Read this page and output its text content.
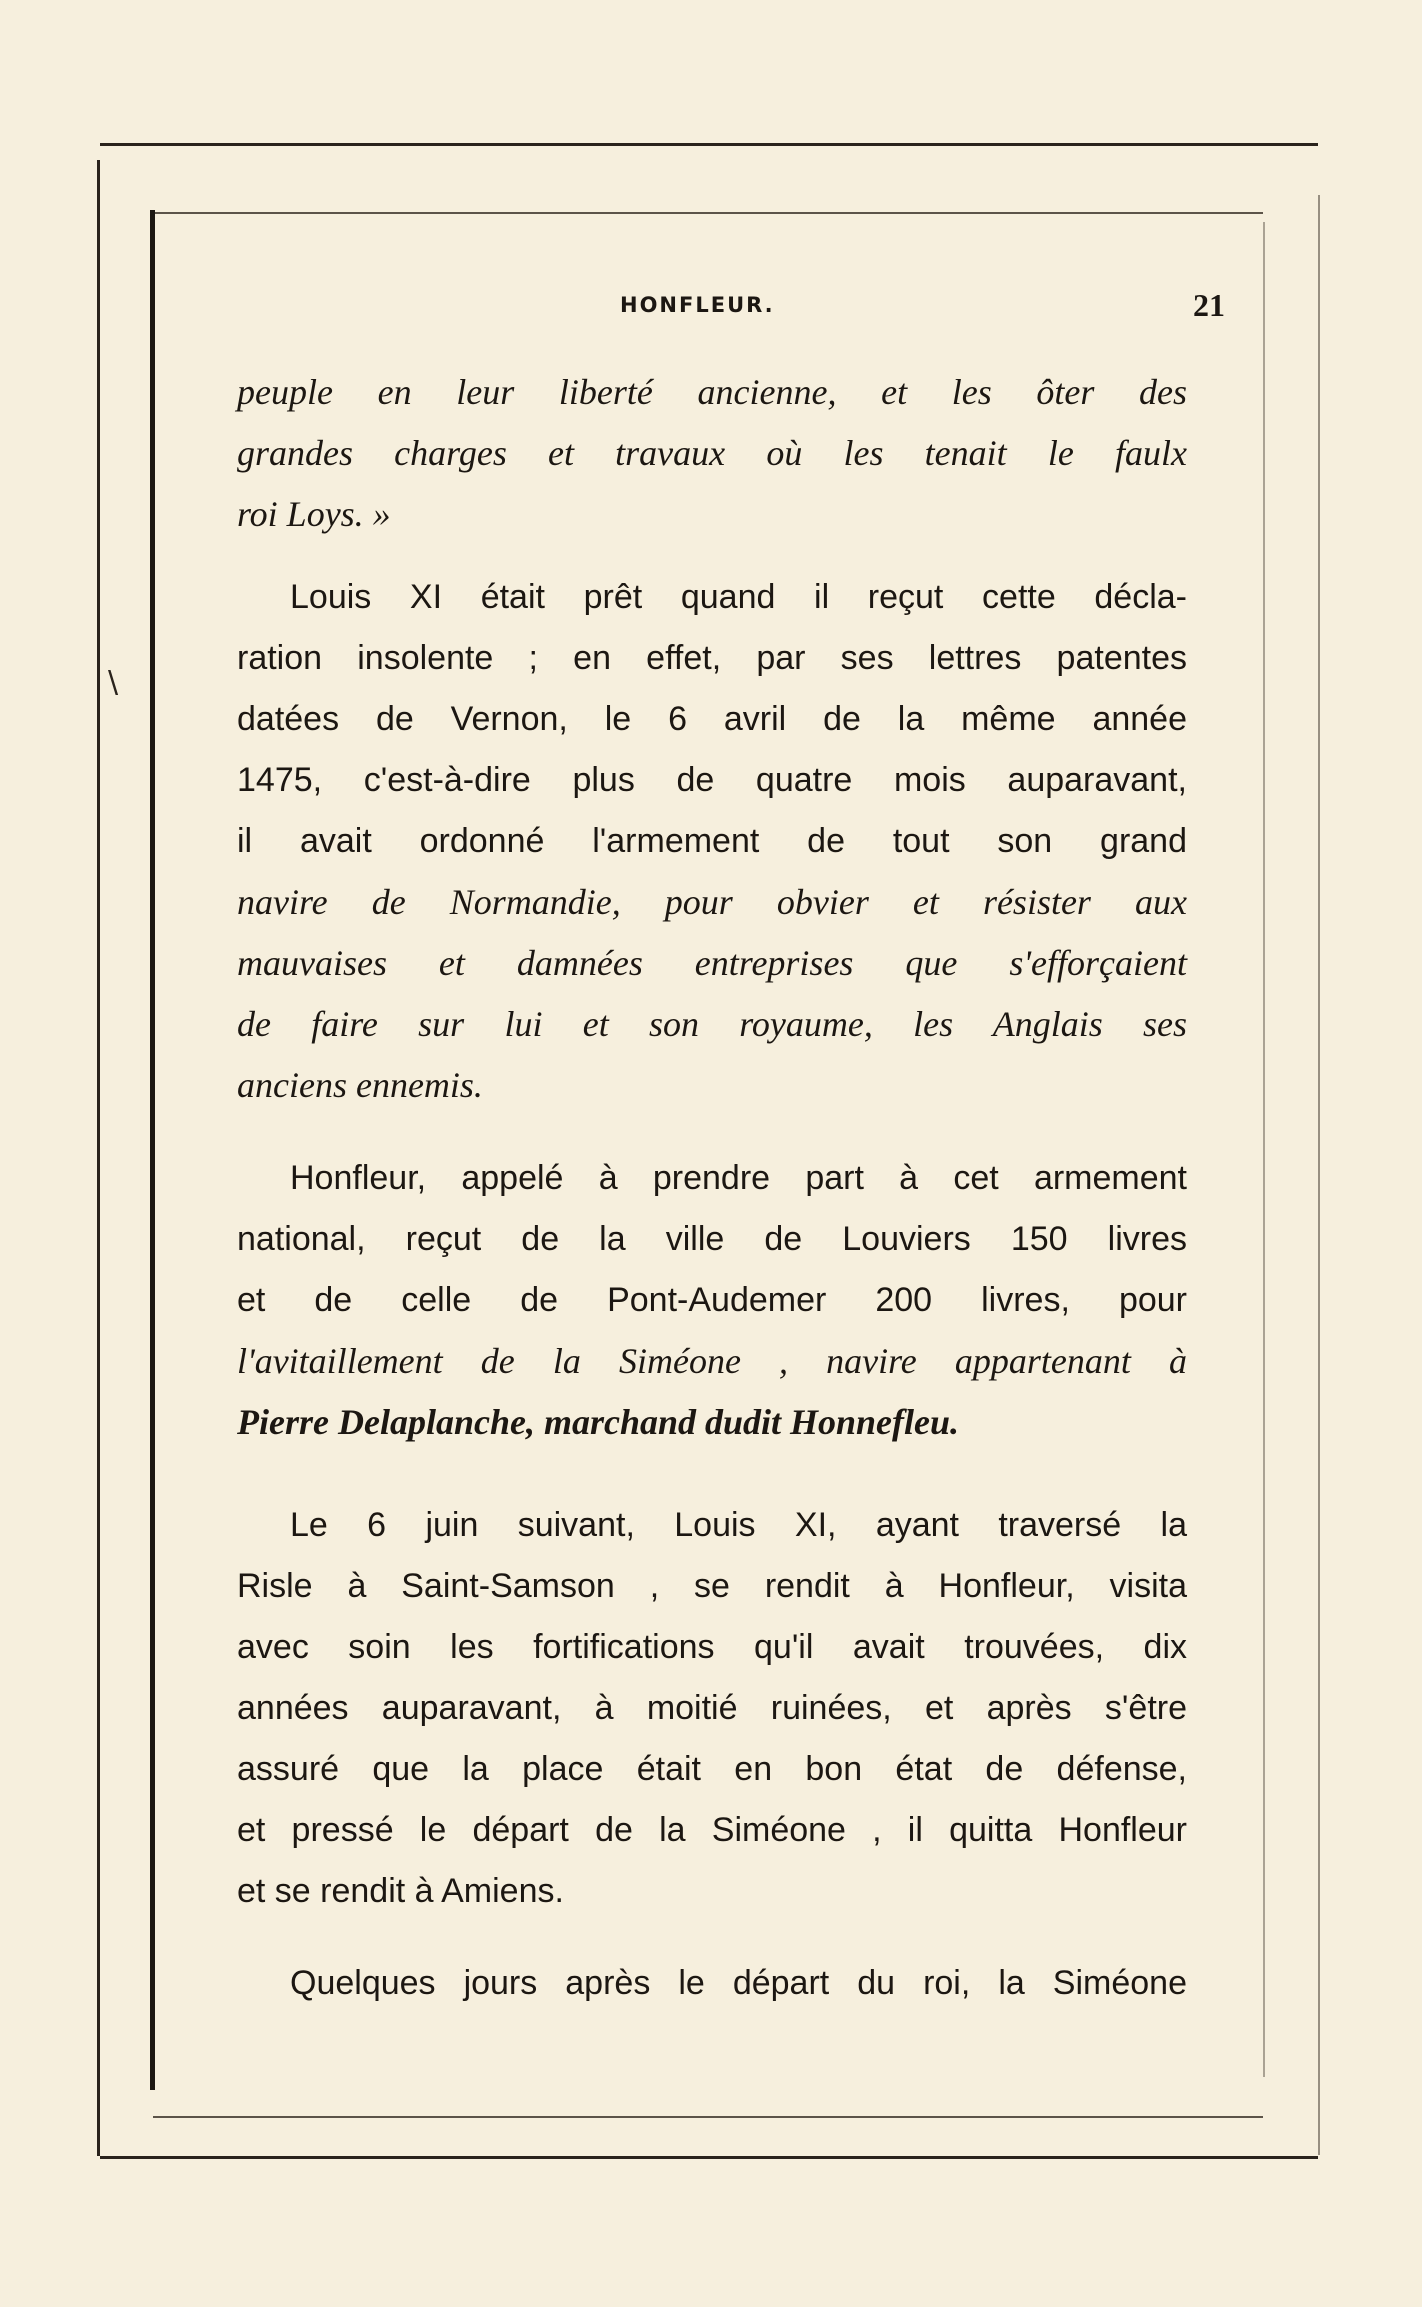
\
HONFLEUR.	21
peuple en leur liberté ancienne, et les ôter des
grandes charges et travaux où les tenait le faulx
roi Loys. »
Louis XI était prêt quand il reçut cette décla-
ration insolente ; en effet, par ses lettres patentes
datées de Vernon, le 6 avril de la même année
1475, c'est-à-dire plus de quatre mois auparavant,
il avait ordonné l'armement de tout son grand
navire de Normandie, pour obvier et résister aux
mauvaises et damnées entreprises que s'efforçaient
de faire sur lui et son royaume, les Anglais ses
anciens ennemis.
Honfleur, appelé à prendre part à cet armement
national, reçut de la ville de Louviers 150 livres
et de celle de Pont-Audemer 200 livres, pour
l'avitaillement de la Siméone , navire appartenant à
Pierre Delaplanche, marchand dudit Honnefleu.
Le 6 juin suivant, Louis XI, ayant traversé la
Risle à Saint-Samson , se rendit à Honfleur, visita
avec soin les fortifications qu'il avait trouvées, dix
années auparavant, à moitié ruinées, et après s'être
assuré que la place était en bon état de défense,
et pressé le départ de la Siméone , il quitta Honfleur
et se rendit à Amiens.
Quelques jours après le départ du roi, la Siméone
